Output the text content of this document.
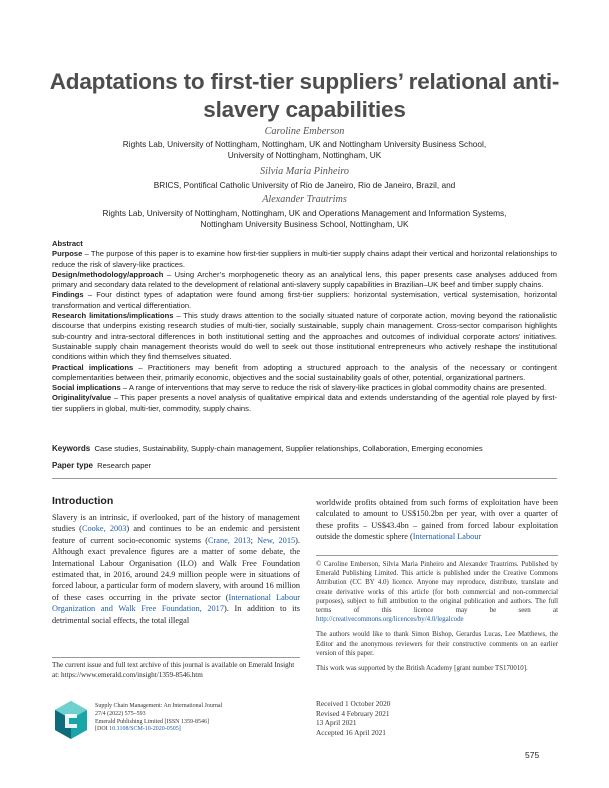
Adaptations to first-tier suppliers’ relational anti-slavery capabilities
Caroline Emberson
Rights Lab, University of Nottingham, Nottingham, UK and Nottingham University Business School,
University of Nottingham, Nottingham, UK
Silvia Maria Pinheiro
BRICS, Pontifical Catholic University of Rio de Janeiro, Rio de Janeiro, Brazil, and
Alexander Trautrims
Rights Lab, University of Nottingham, Nottingham, UK and Operations Management and Information Systems,
Nottingham University Business School, Nottingham, UK

Abstract

Purpose – The purpose of this paper is to examine how first-tier suppliers in multi-tier supply chains adapt their vertical and horizontal relationships to reduce the risk of slavery-like practices.

Design/methodology/approach – Using Archer’s morphogenetic theory as an analytical lens, this paper presents case analyses adduced from primary and secondary data related to the development of relational anti-slavery supply capabilities in Brazilian–UK beef and timber supply chains.

Findings – Four distinct types of adaptation were found among first-tier suppliers: horizontal systemisation, vertical systemisation, horizontal transformation and vertical differentiation.

Research limitations/implications – This study draws attention to the socially situated nature of corporate action, moving beyond the rationalistic discourse that underpins existing research studies of multi-tier, socially sustainable, supply chain management. Cross-sector comparison highlights sub-country and intra-sectoral differences in both institutional setting and the approaches and outcomes of individual corporate actors’ initiatives. Sustainable supply chain management theorists would do well to seek out those institutional entrepreneurs who actively reshape the institutional conditions within which they find themselves situated.

Practical implications – Practitioners may benefit from adopting a structured approach to the analysis of the necessary or contingent complementarities between their, primarily economic, objectives and the social sustainability goals of other, potential, organizational partners.

Social implications – A range of interventions that may serve to reduce the risk of slavery-like practices in global commodity chains are presented.

Originality/value – This paper presents a novel analysis of qualitative empirical data and extends understanding of the agential role played by first-tier suppliers in global, multi-tier, commodity, supply chains.

Keywords Case studies, Sustainability, Supply-chain management, Supplier relationships, Collaboration, Emerging economies
Paper type Research paper
Introduction
Slavery is an intrinsic, if overlooked, part of the history of management studies (Cooke, 2003) and continues to be an endemic and persistent feature of current socio-economic systems (Crane, 2013; New, 2015). Although exact prevalence figures are a matter of some debate, the International Labour Organisation (ILO) and Walk Free Foundation estimated that, in 2016, around 24.9 million people were in situations of forced labour, a particular form of modern slavery, with around 16 million of these cases occurring in the private sector (International Labour Organization and Walk Free Foundation, 2017). In addition to its detrimental social effects, the total illegal
worldwide profits obtained from such forms of exploitation have been calculated to amount to US$150.2bn per year, with over a quarter of these profits – US$43.4bn – gained from forced labour exploitation outside the domestic sphere (International Labour

© Caroline Emberson, Silvia Maria Pinheiro and Alexander Trautrims. Published by Emerald Publishing Limited. This article is published under the Creative Commons Attribution (CC BY 4.0) licence. Anyone may reproduce, distribute, translate and create derivative works of this article (for both commercial and non-commercial purposes), subject to full attribution to the original publication and authors. The full terms of this licence may be seen at http://creativecommons.org/licences/by/4.0/legalcode

The authors would like to thank Simon Bishop, Gerardus Lucas, Lee Matthews, the Editor and the anonymous reviewers for their constructive comments on an earlier version of this paper.

This work was supported by the British Academy [grant number TS170010].

Received 1 October 2020
Revised 4 February 2021
13 April 2021
Accepted 16 April 2021
The current issue and full text archive of this journal is available on Emerald Insight at: https://www.emerald.com/insight/1359-8546.htm
Supply Chain Management: An International Journal
27/4 (2022) 575–593
Emerald Publishing Limited [ISSN 1359-8546]
[DOI 10.1108/SCM-10-2020-0505]
575
